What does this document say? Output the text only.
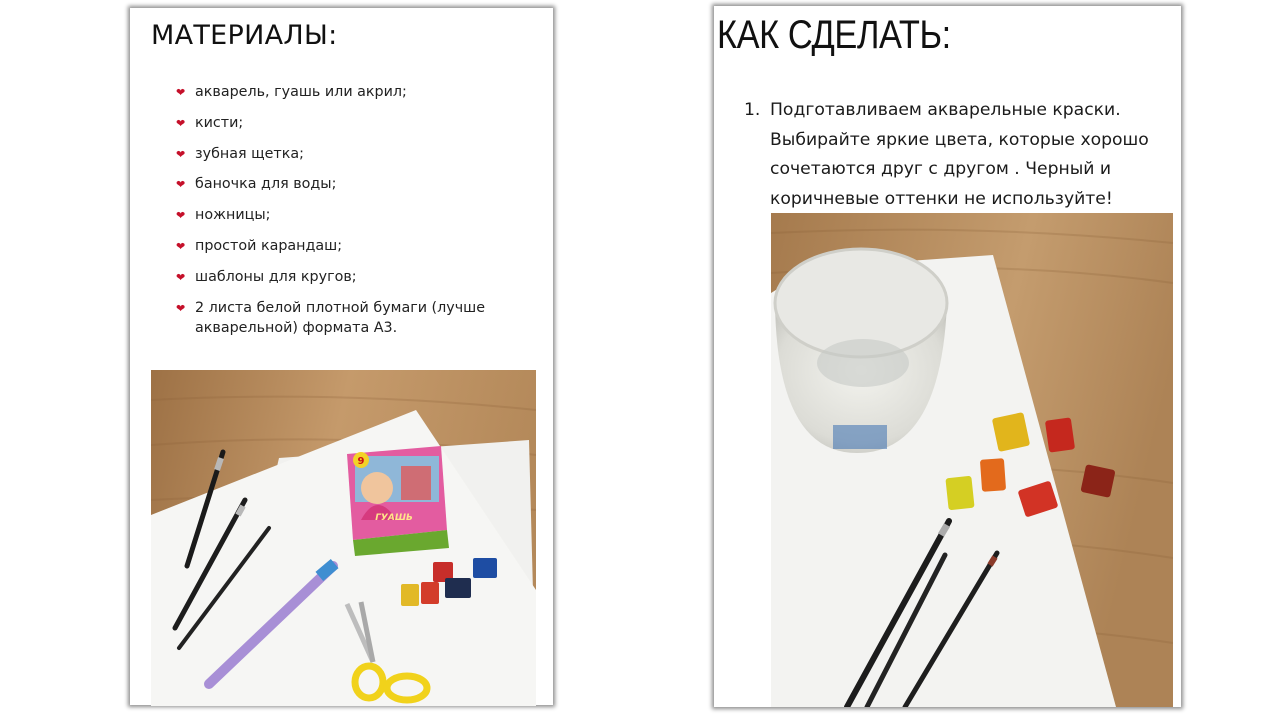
МАТЕРИАЛЫ:
❤ акварель, гуашь или акрил;
❤ кисти;
❤ зубная щетка;
❤ баночка для воды;
❤ ножницы;
❤ простой карандаш;
❤ шаблоны для кругов;
❤ 2 листа белой плотной бумаги (лучше акварельной) формата А3.
ГУАШЬ
9
КАК СДЕЛАТЬ:
1. Подготавливаем акварельные краски. Выбирайте яркие цвета, которые хорошо сочетаются друг с другом . Черный и коричневые оттенки не используйте!
